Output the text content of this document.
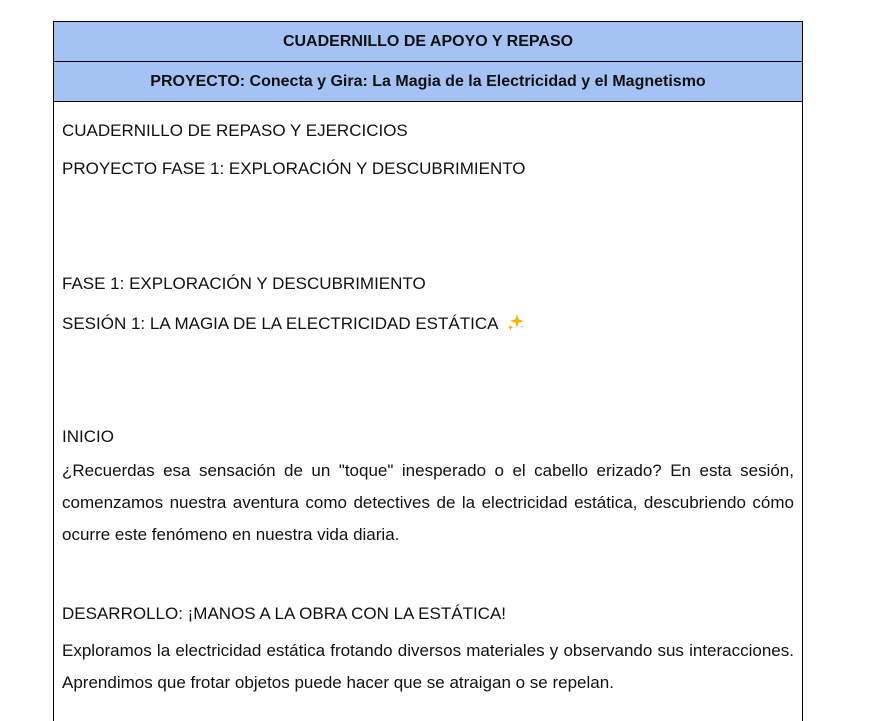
CUADERNILLO DE APOYO Y REPASO
PROYECTO: Conecta y Gira: La Magia de la Electricidad y el Magnetismo
CUADERNILLO DE REPASO Y EJERCICIOS
PROYECTO FASE 1: EXPLORACIÓN Y DESCUBRIMIENTO
FASE 1: EXPLORACIÓN Y DESCUBRIMIENTO
SESIÓN 1: LA MAGIA DE LA ELECTRICIDAD ESTÁTICA
INICIO
¿Recuerdas esa sensación de un "toque" inesperado o el cabello erizado? En esta sesión, comenzamos nuestra aventura como detectives de la electricidad estática, descubriendo cómo ocurre este fenómeno en nuestra vida diaria.
DESARROLLO: ¡MANOS A LA OBRA CON LA ESTÁTICA!
Exploramos la electricidad estática frotando diversos materiales y observando sus interacciones. Aprendimos que frotar objetos puede hacer que se atraigan o se repelan.
